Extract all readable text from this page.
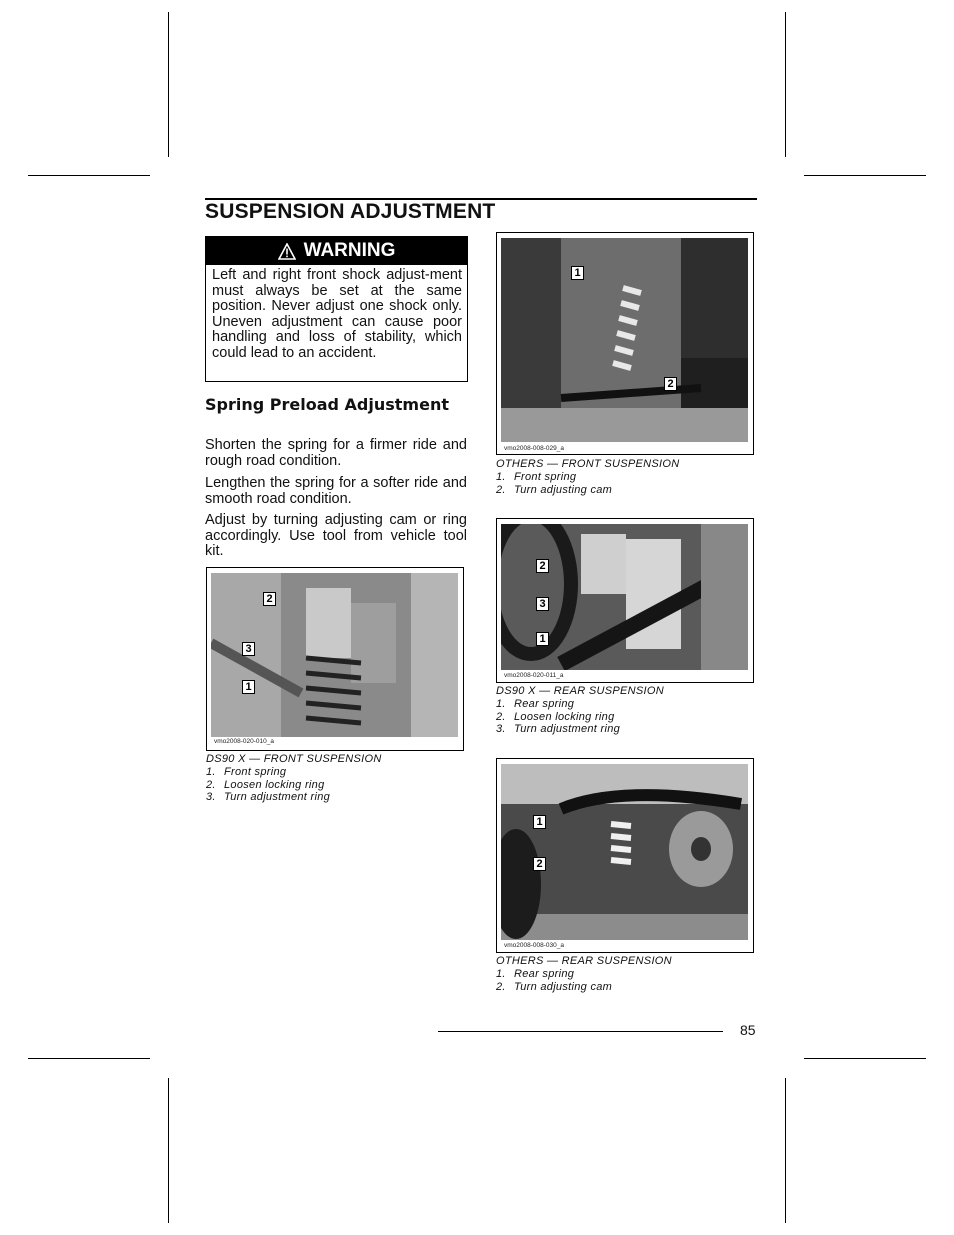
SUSPENSION ADJUSTMENT
WARNING

Left and right front shock adjust-ment must always be set at the same position. Never adjust one shock only. Uneven adjustment can cause poor handling and loss of stability, which could lead to an accident.

Spring Preload Adjustment

Shorten the spring for a firmer ride and rough road condition.

Lengthen the spring for a softer ride and smooth road condition.

Adjust by turning adjusting cam or ring accordingly. Use tool from vehicle tool kit.

2
3
1
vmo2008-020-010_a
DS90 X — FRONT SUSPENSION
1. Front spring
2. Loosen locking ring
3. Turn adjustment ring
1
2
vmo2008-008-029_a
OTHERS — FRONT SUSPENSION
1. Front spring
2. Turn adjusting cam
2
3
1
vmo2008-020-011_a
DS90 X — REAR SUSPENSION
1. Rear spring
2. Loosen locking ring
3. Turn adjustment ring
1
2
vmo2008-008-030_a
OTHERS — REAR SUSPENSION
1. Rear spring
2. Turn adjusting cam
85
